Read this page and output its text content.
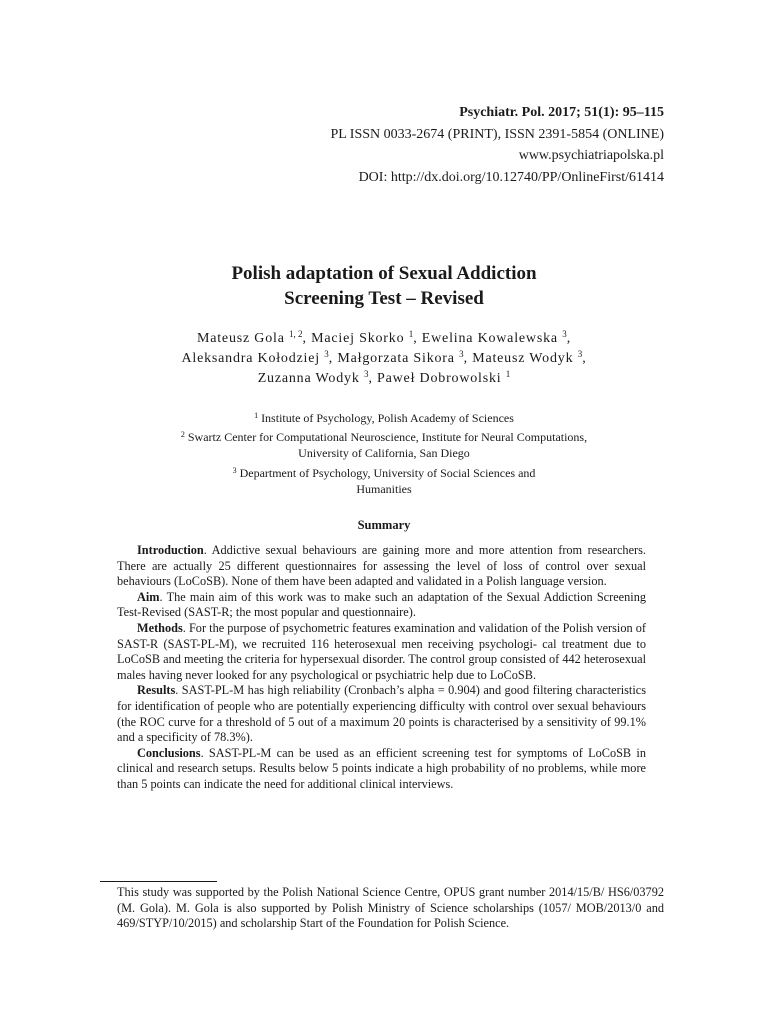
Psychiatr. Pol. 2017; 51(1): 95–115
PL ISSN 0033-2674 (PRINT), ISSN 2391-5854 (ONLINE)
www.psychiatriapolska.pl
DOI: http://dx.doi.org/10.12740/PP/OnlineFirst/61414
Polish adaptation of Sexual Addiction
Screening Test – Revised
Mateusz Gola $^{1, 2}$, Maciej Skorko $^1$, Ewelina Kowalewska $^3$,
Aleksandra Kołodziej $^3$, Małgorzata Sikora $^3$, Mateusz Wodyk $^3$,
Zuzanna Wodyk $^3$, Paweł Dobrowolski $^1$
$^1$ Institute of Psychology, Polish Academy of Sciences
$^2$ Swartz Center for Computational Neuroscience, Institute for Neural Computations,
University of California, San Diego
$^3$ Department of Psychology, University of Social Sciences and
Humanities
Summary

Introduction. Addictive sexual behaviours are gaining more and more attention from researchers. There are actually 25 different questionnaires for assessing the level of loss of control over sexual behaviours (LoCoSB). None of them have been adapted and validated in a Polish language version.

Aim. The main aim of this work was to make such an adaptation of the Sexual Addiction Screening Test-Revised (SAST-R; the most popular and questionnaire).

Methods. For the purpose of psychometric features examination and validation of the Polish version of SAST-R (SAST-PL-M), we recruited 116 heterosexual men receiving psychologi- cal treatment due to LoCoSB and meeting the criteria for hypersexual disorder. The control group consisted of 442 heterosexual males having never looked for any psychological or psychiatric help due to LoCoSB.

Results. SAST-PL-M has high reliability (Cronbach’s alpha = 0.904) and good filtering characteristics for identification of people who are potentially experiencing difficulty with control over sexual behaviours (the ROC curve for a threshold of 5 out of a maximum 20 points is characterised by a sensitivity of 99.1% and a specificity of 78.3%).

Conclusions. SAST-PL-M can be used as an efficient screening test for symptoms of LoCoSB in clinical and research setups. Results below 5 points indicate a high probability of no problems, while more than 5 points can indicate the need for additional clinical interviews.

This study was supported by the Polish National Science Centre, OPUS grant number 2014/15/B/ HS6/03792 (M. Gola). M. Gola is also supported by Polish Ministry of Science scholarships (1057/ MOB/2013/0 and 469/STYP/10/2015) and scholarship Start of the Foundation for Polish Science.
